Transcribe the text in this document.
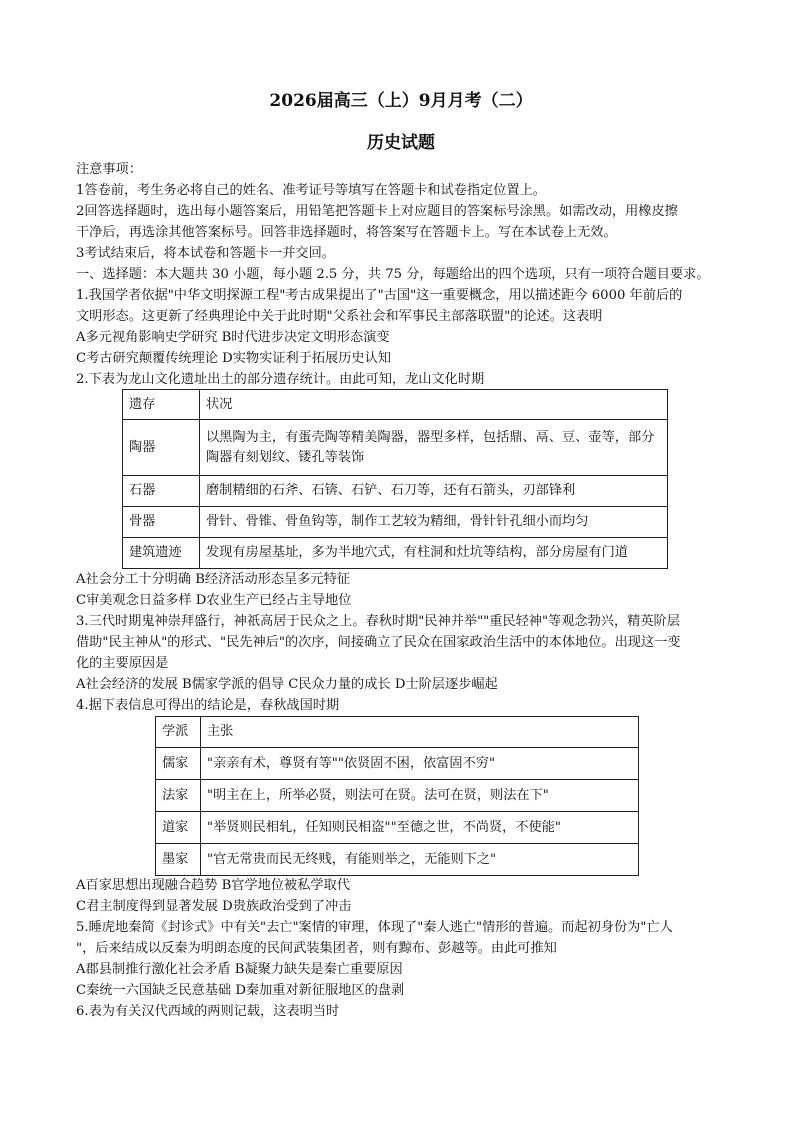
2026届高三（上）9月月考（二）
历史试题
注意事项：
1答卷前，考生务必将自己的姓名、准考证号等填写在答题卡和试卷指定位置上。
2回答选择题时，选出每小题答案后，用铅笔把答题卡上对应题目的答案标号涂黑。如需改动，用橡皮擦
干净后，再选涂其他答案标号。回答非选择题时，将答案写在答题卡上。写在本试卷上无效。
3考试结束后，将本试卷和答题卡一并交回。
一、选择题：本大题共 30 小题，每小题 2.5 分，共 75 分，每题给出的四个选项，只有一项符合题目要求。
1.我国学者依据"中华文明探源工程"考古成果提出了"古国"这一重要概念，用以描述距今 6000 年前后的
文明形态。这更新了经典理论中关于此时期"父系社会和军事民主部落联盟"的论述。这表明
A多元视角影响史学研究 B时代进步决定文明形态演变
C考古研究颠覆传统理论 D实物实证利于拓展历史认知
2.下表为龙山文化遗址出土的部分遗存统计。由此可知，龙山文化时期
遗存	状况
陶器	以黑陶为主，有蛋壳陶等精美陶器，器型多样，包括鼎、鬲、豆、壶等，部分陶器有刻划纹、镂孔等装饰
石器	磨制精细的石斧、石锛、石铲、石刀等，还有石箭头，刃部锋利
骨器	骨针、骨锥、骨鱼钩等，制作工艺较为精细，骨针针孔细小而均匀
建筑遗迹	发现有房屋基址，多为半地穴式，有柱洞和灶坑等结构，部分房屋有门道
A社会分工十分明确 B经济活动形态呈多元特征
C审美观念日益多样 D农业生产已经占主导地位
3.三代时期鬼神崇拜盛行，神祇高居于民众之上。春秋时期"民神并举""重民轻神"等观念勃兴，精英阶层
借助"民主神从"的形式、"民先神后"的次序，间接确立了民众在国家政治生活中的本体地位。出现这一变
化的主要原因是
A社会经济的发展 B儒家学派的倡导 C民众力量的成长 D士阶层逐步崛起
4.据下表信息可得出的结论是，春秋战国时期
学派	主张
儒家	"亲亲有术，尊贤有等""依贤固不困，依富固不穷"
法家	"明主在上，所举必贤，则法可在贤。法可在贤，则法在下"
道家	"举贤则民相轧，任知则民相盗""至德之世，不尚贤，不使能"
墨家	"官无常贵而民无终贱，有能则举之，无能则下之"
A百家思想出现融合趋势 B官学地位被私学取代
C君主制度得到显著发展 D贵族政治受到了冲击
5.睡虎地秦简《封诊式》中有关"去亡"案情的审理，体现了"秦人逃亡"情形的普遍。而起初身份为"亡人
"，后来结成以反秦为明朗态度的民间武装集团者，则有黥布、彭越等。由此可推知
A郡县制推行激化社会矛盾 B凝聚力缺失是秦亡重要原因
C秦统一六国缺乏民意基础 D秦加重对新征服地区的盘剥
6.表为有关汉代西域的两则记载，这表明当时
